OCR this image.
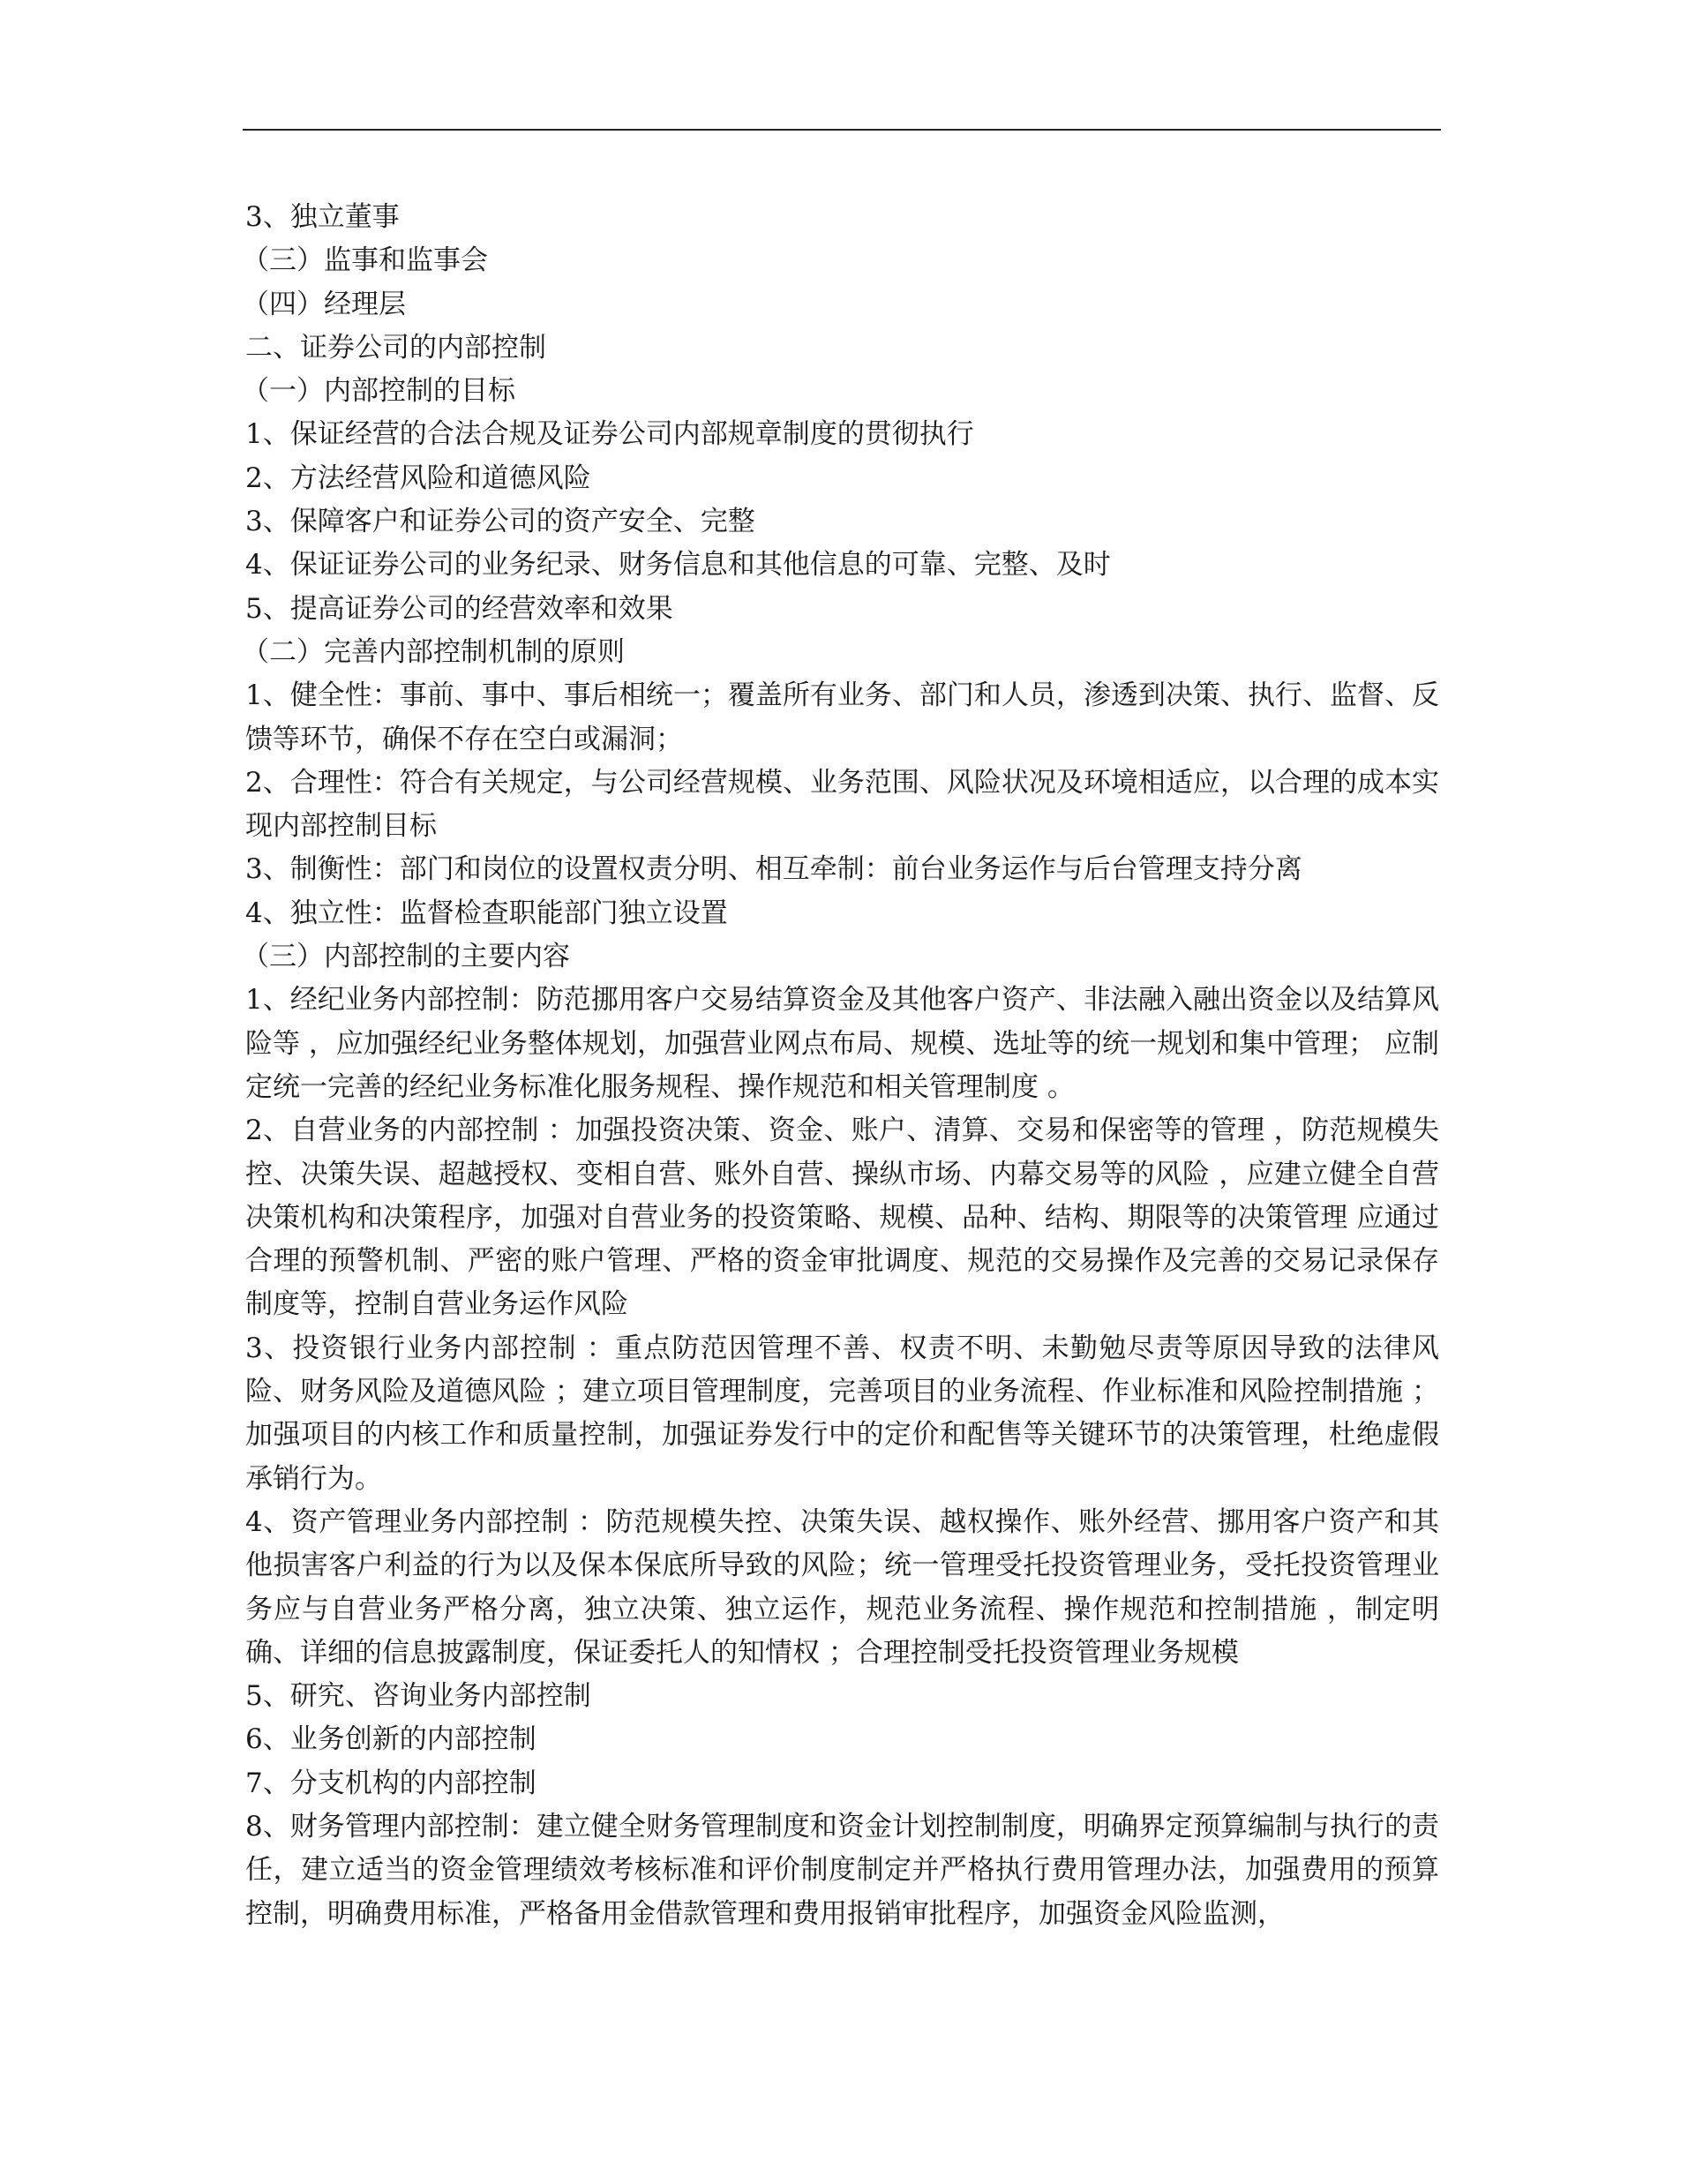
3、独立董事

（三）监事和监事会

（四）经理层

二、证券公司的内部控制

（一）内部控制的目标

1、保证经营的合法合规及证券公司内部规章制度的贯彻执行

2、方法经营风险和道德风险

3、保障客户和证券公司的资产安全、完整

4、保证证券公司的业务纪录、财务信息和其他信息的可靠、完整、及时

5、提高证券公司的经营效率和效果

（二）完善内部控制机制的原则

1、健全性：事前、事中、事后相统一；覆盖所有业务、部门和人员，渗透到决策、执行、监督、反馈等环节，确保不存在空白或漏洞；

2、合理性：符合有关规定，与公司经营规模、业务范围、风险状况及环境相适应，以合理的成本实现内部控制目标

3、制衡性：部门和岗位的设置权责分明、相互牵制：前台业务运作与后台管理支持分离

4、独立性：监督检查职能部门独立设置

（三）内部控制的主要内容

1、经纪业务内部控制：防范挪用客户交易结算资金及其他客户资产、非法融入融出资金以及结算风险等 ，应加强经纪业务整体规划，加强营业网点布局、规模、选址等的统一规划和集中管理； 应制定统一完善的经纪业务标准化服务规程、操作规范和相关管理制度 。

2、自营业务的内部控制 ：加强投资决策、资金、账户、清算、交易和保密等的管理 ，防范规模失控、决策失误、超越授权、变相自营、账外自营、操纵市场、内幕交易等的风险 ，应建立健全自营决策机构和决策程序，加强对自营业务的投资策略、规模、品种、结构、期限等的决策管理 应通过合理的预警机制、严密的账户管理、严格的资金审批调度、规范的交易操作及完善的交易记录保存制度等，控制自营业务运作风险

3、投资银行业务内部控制 ：重点防范因管理不善、权责不明、未勤勉尽责等原因导致的法律风险、财务风险及道德风险 ；建立项目管理制度，完善项目的业务流程、作业标准和风险控制措施 ；加强项目的内核工作和质量控制，加强证券发行中的定价和配售等关键环节的决策管理，杜绝虚假承销行为。

4、资产管理业务内部控制 ：防范规模失控、决策失误、越权操作、账外经营、挪用客户资产和其他损害客户利益的行为以及保本保底所导致的风险；统一管理受托投资管理业务，受托投资管理业务应与自营业务严格分离，独立决策、独立运作，规范业务流程、操作规范和控制措施 ，制定明确、详细的信息披露制度，保证委托人的知情权 ；合理控制受托投资管理业务规模

5、研究、咨询业务内部控制

6、业务创新的内部控制

7、分支机构的内部控制

8、财务管理内部控制：建立健全财务管理制度和资金计划控制制度，明确界定预算编制与执行的责任，建立适当的资金管理绩效考核标准和评价制度制定并严格执行费用管理办法，加强费用的预算控制，明确费用标准，严格备用金借款管理和费用报销审批程序，加强资金风险监测，
